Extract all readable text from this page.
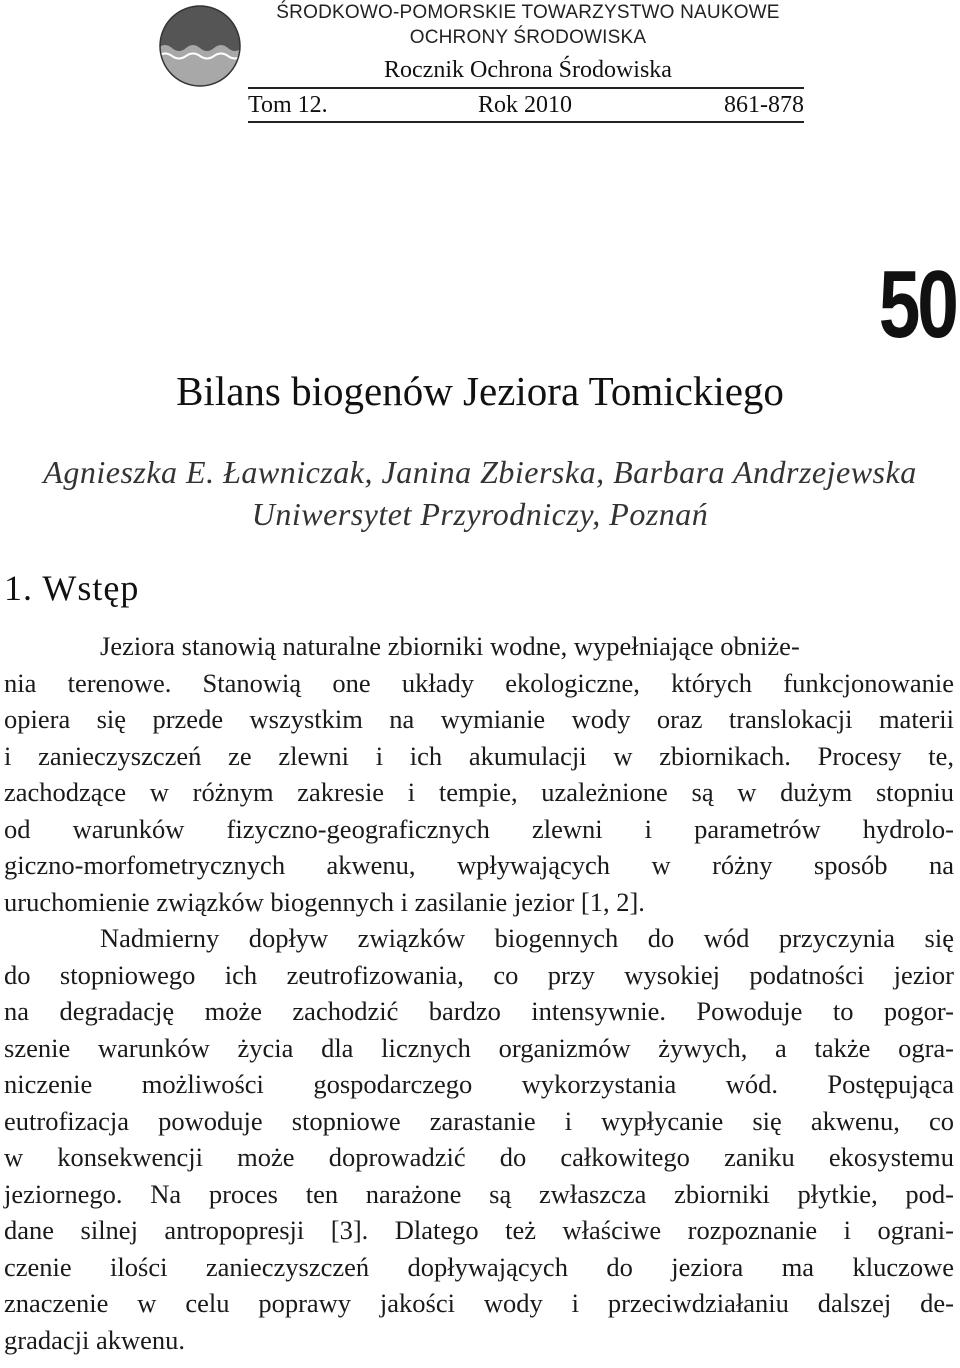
ŚRODKOWO-POMORSKIE TOWARZYSTWO NAUKOWE
OCHRONY ŚRODOWISKA
Rocznik Ochrona Środowiska
Tom 12.	Rok 2010	861-878
50
Bilans biogenów Jeziora Tomickiego
Agnieszka E. Ławniczak, Janina Zbierska, Barbara Andrzejewska
Uniwersytet Przyrodniczy, Poznań
1. Wstęp
Jeziora stanowią naturalne zbiorniki wodne, wypełniające obniże-
nia terenowe. Stanowią one układy ekologiczne, których funkcjonowanie
opiera się przede wszystkim na wymianie wody oraz translokacji materii
i zanieczyszczeń ze zlewni i ich akumulacji w zbiornikach. Procesy te,
zachodzące w różnym zakresie i tempie, uzależnione są w dużym stopniu
od warunków fizyczno-geograficznych zlewni i parametrów hydrolo-
giczno-morfometrycznych akwenu, wpływających w różny sposób na
uruchomienie związków biogennych i zasilanie jezior [1, 2].
Nadmierny dopływ związków biogennych do wód przyczynia się
do stopniowego ich zeutrofizowania, co przy wysokiej podatności jezior
na degradację może zachodzić bardzo intensywnie. Powoduje to pogor-
szenie warunków życia dla licznych organizmów żywych, a także ogra-
niczenie możliwości gospodarczego wykorzystania wód. Postępująca
eutrofizacja powoduje stopniowe zarastanie i wypłycanie się akwenu, co
w konsekwencji może doprowadzić do całkowitego zaniku ekosystemu
jeziornego. Na proces ten narażone są zwłaszcza zbiorniki płytkie, pod-
dane silnej antropopresji [3]. Dlatego też właściwe rozpoznanie i ograni-
czenie ilości zanieczyszczeń dopływających do jeziora ma kluczowe
znaczenie w celu poprawy jakości wody i przeciwdziałaniu dalszej de-
gradacji akwenu.
